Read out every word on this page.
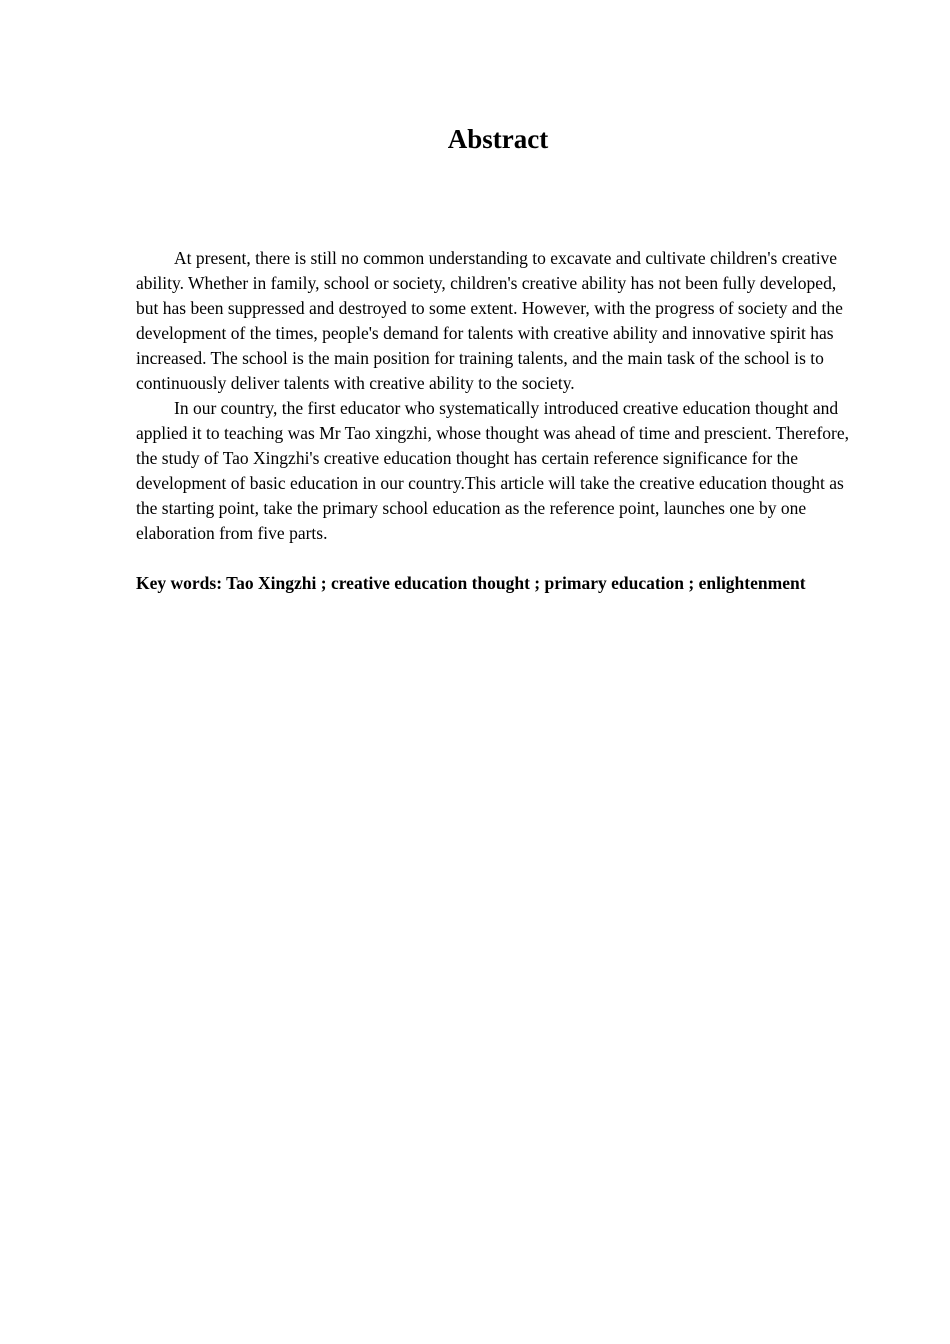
Abstract

At present, there is still no common understanding to excavate and cultivate children's creative ability. Whether in family, school or society, children's creative ability has not been fully developed, but has been suppressed and destroyed to some extent. However, with the progress of society and the development of the times, people's demand for talents with creative ability and innovative spirit has increased. The school is the main position for training talents, and the main task of the school is to continuously deliver talents with creative ability to the society.

In our country, the first educator who systematically introduced creative education thought and applied it to teaching was Mr Tao xingzhi, whose thought was ahead of time and prescient. Therefore, the study of Tao Xingzhi's creative education thought has certain reference significance for the development of basic education in our country.This article will take the creative education thought as the starting point, take the primary school education as the reference point, launches one by one elaboration from five parts.

Key words: Tao Xingzhi ; creative education thought ; primary education ; enlightenment
